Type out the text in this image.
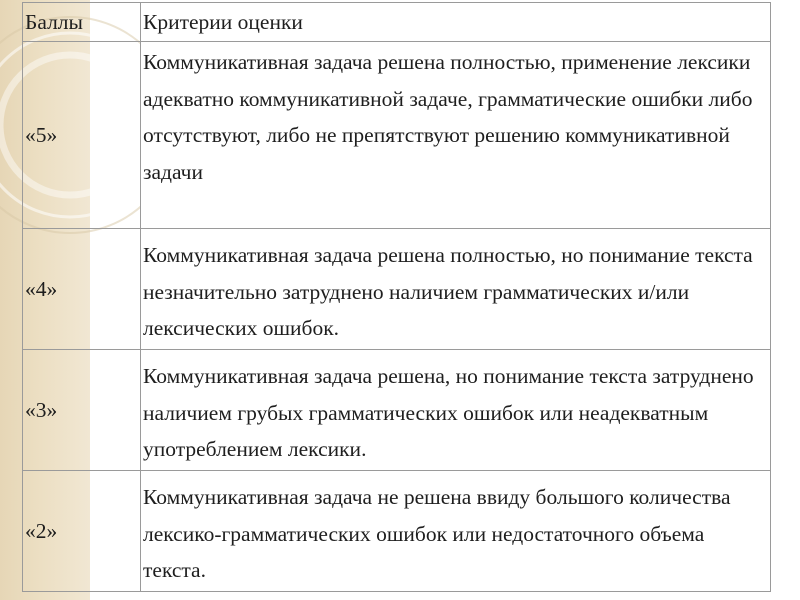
Баллы	Критерии оценки
«5»	Коммуникативная задача решена полностью, применение лексики адекватно коммуникативной задаче, грамматические ошибки либо отсутствуют, либо не препятствуют решению коммуникативной задачи
«4»	Коммуникативная задача решена полностью, но понимание текста незначительно затруднено наличием грамматических и/или лексических ошибок.
«3»	Коммуникативная задача решена, но понимание текста затруднено наличием грубых грамматических ошибок или неадекватным употреблением лексики.
«2»	Коммуникативная задача не решена ввиду большого количества лексико-грамматических ошибок или недостаточного объема текста.
